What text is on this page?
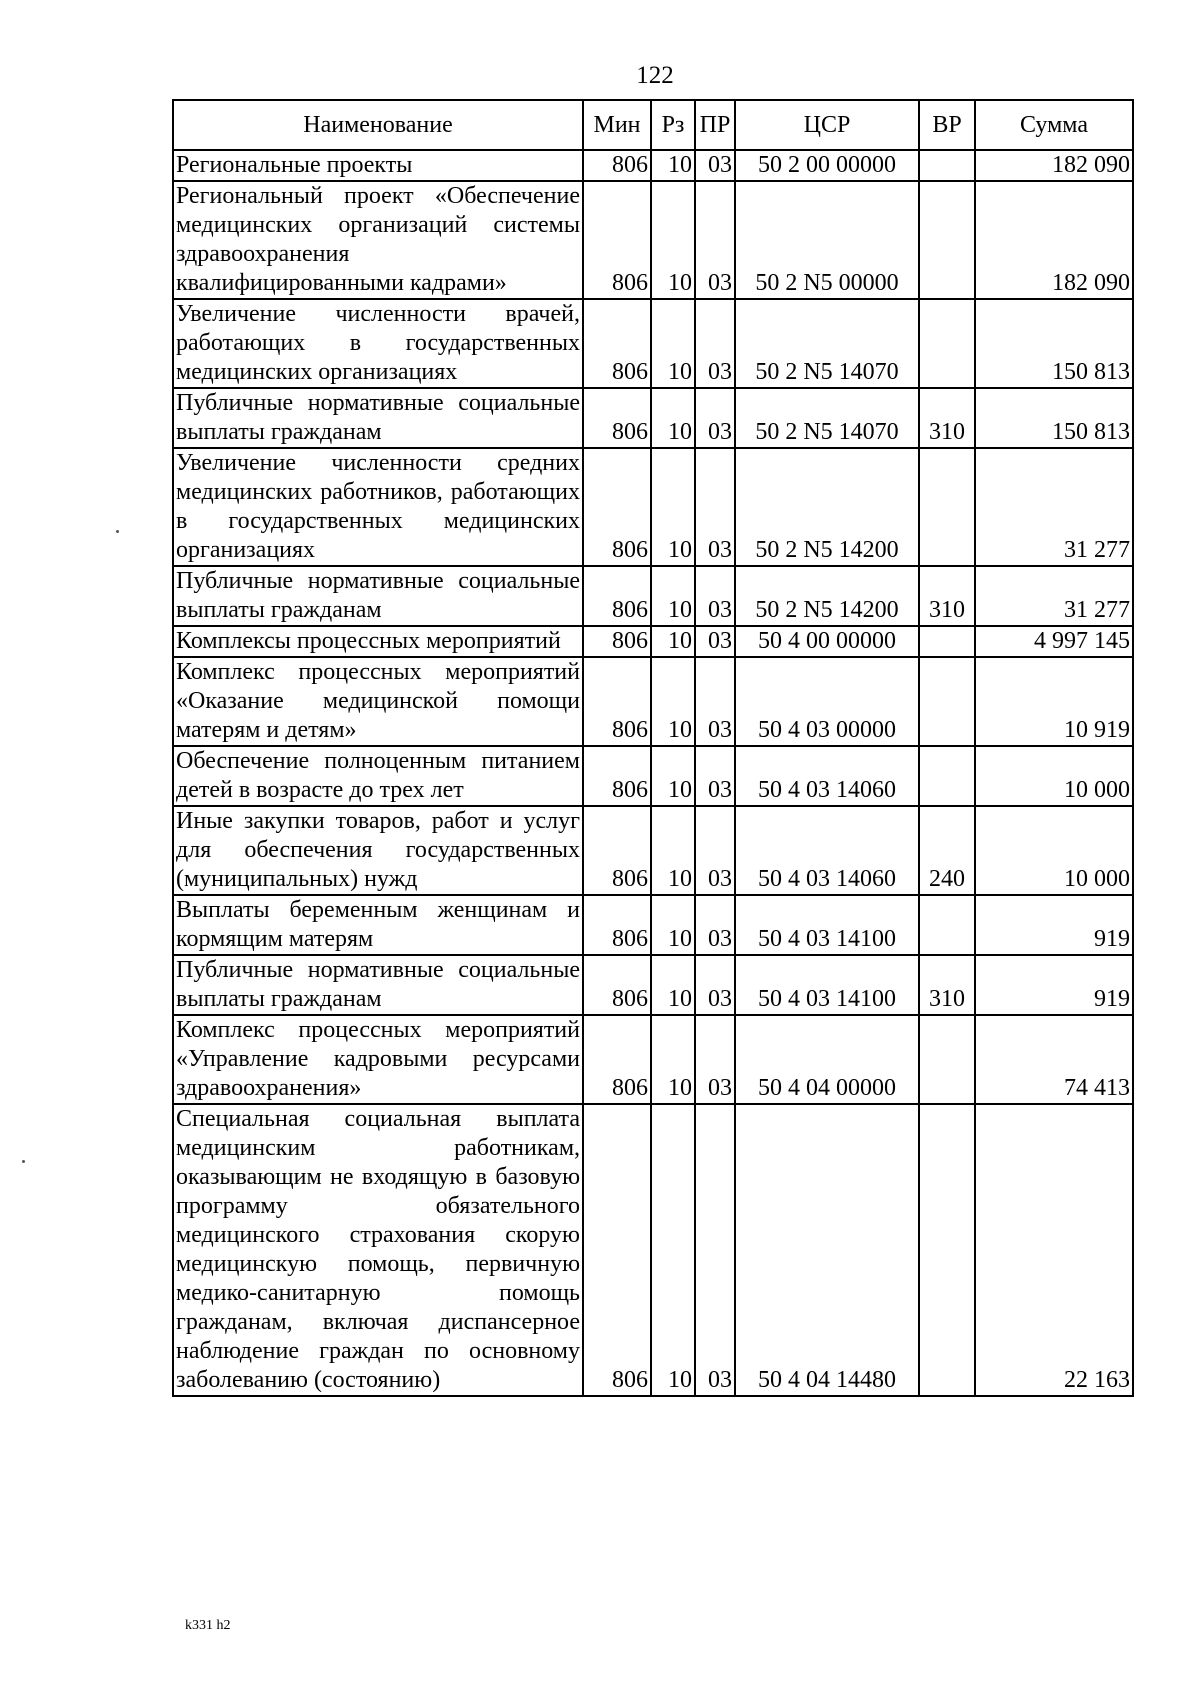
122
Наименование	Мин	Рз	ПР	ЦСР	ВР	Сумма
Региональные проекты	806	10	03	50 2 00 00000		182 090
Региональный проект «Обеспечение медицинских организаций системы здравоохранения квалифицированными кадрами»	806	10	03	50 2 N5 00000		182 090
Увеличение численности врачей, работающих в государственных медицинских организациях	806	10	03	50 2 N5 14070		150 813
Публичные нормативные социальные выплаты гражданам	806	10	03	50 2 N5 14070	310	150 813
Увеличение численности средних медицинских работников, работающих в государственных медицинских организациях	806	10	03	50 2 N5 14200		31 277
Публичные нормативные социальные выплаты гражданам	806	10	03	50 2 N5 14200	310	31 277
Комплексы процессных мероприятий	806	10	03	50 4 00 00000		4 997 145
Комплекс процессных мероприятий «Оказание медицинской помощи матерям и детям»	806	10	03	50 4 03 00000		10 919
Обеспечение полноценным питанием детей в возрасте до трех лет	806	10	03	50 4 03 14060		10 000
Иные закупки товаров, работ и услуг для обеспечения государственных (муниципальных) нужд	806	10	03	50 4 03 14060	240	10 000
Выплаты беременным женщинам и кормящим матерям	806	10	03	50 4 03 14100		919
Публичные нормативные социальные выплаты гражданам	806	10	03	50 4 03 14100	310	919
Комплекс процессных мероприятий «Управление кадровыми ресурсами здравоохранения»	806	10	03	50 4 04 00000		74 413
Специальная социальная выплата медицинским работникам, оказывающим не входящую в базовую программу обязательного медицинского страхования скорую медицинскую помощь, первичную медико-санитарную помощь гражданам, включая диспансерное наблюдение граждан по основному заболеванию (состоянию)	806	10	03	50 4 04 14480		22 163
k331 h2
